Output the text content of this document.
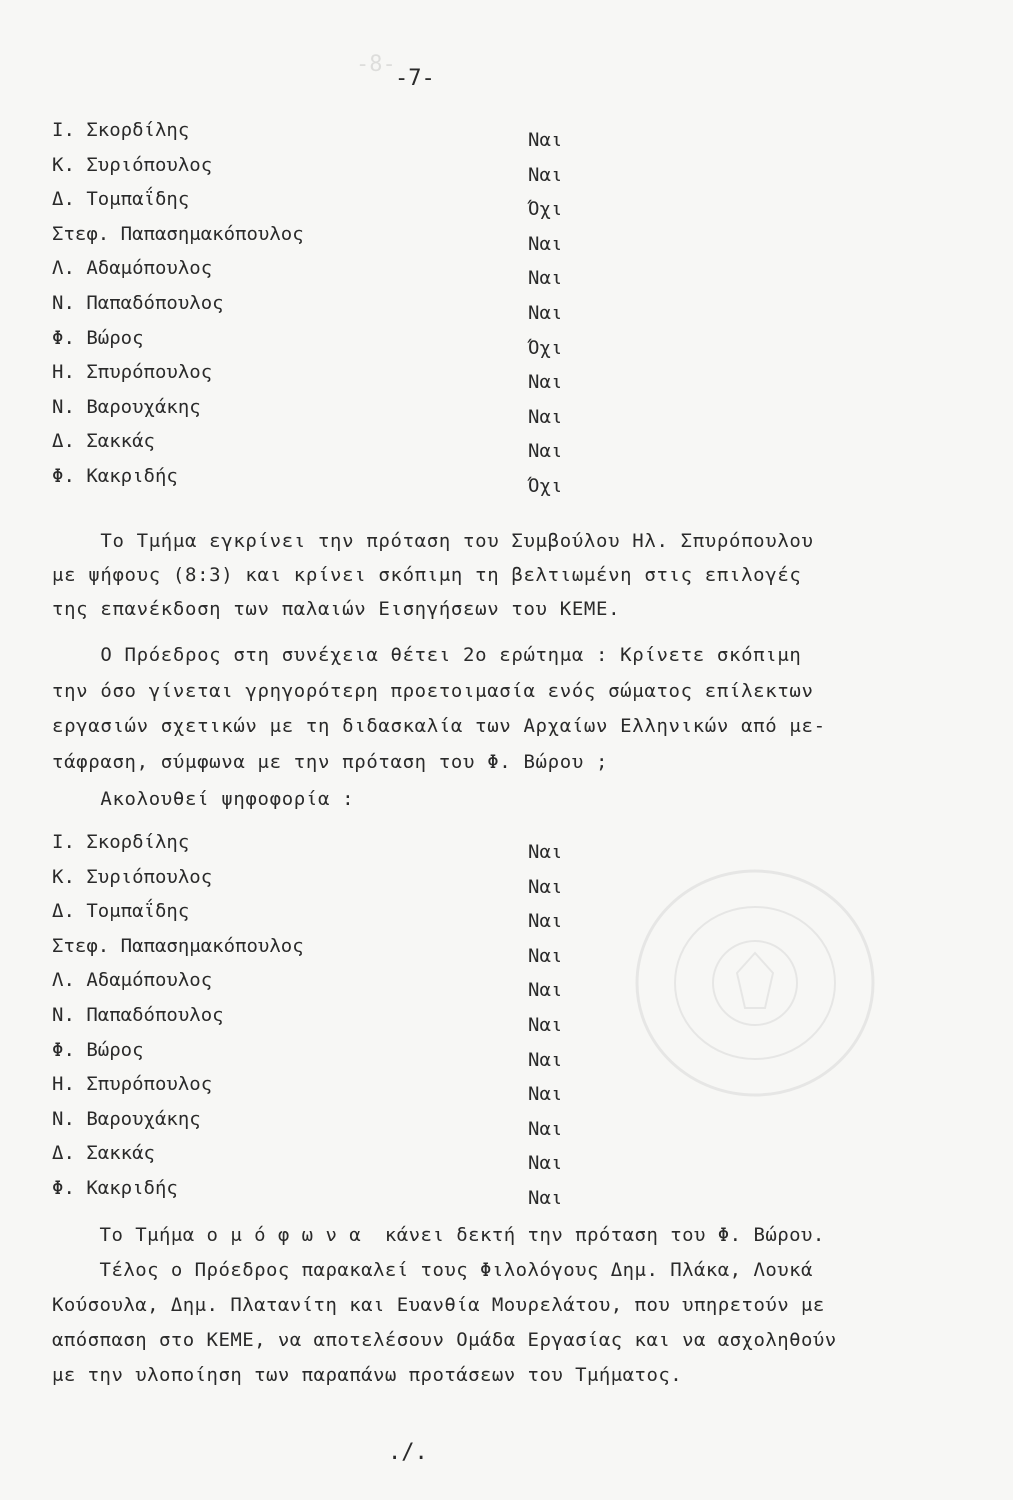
-8-
-7-
Ι. Σκορδίλης	Ναι
Κ. Συριόπουλος	Ναι
Δ. Τομπαΐδης	Όχι
Στεφ. Παπασημακόπουλος	Ναι
Λ. Αδαμόπουλος	Ναι
Ν. Παπαδόπουλος	Ναι
Φ. Βώρος	Όχι
Η. Σπυρόπουλος	Ναι
Ν. Βαρουχάκης	Ναι
Δ. Σακκάς	Ναι
Φ. Κακριδής	Όχι
Το Τμήμα εγκρίνει την πρόταση του Συμβούλου Ηλ. Σπυρόπουλου
με ψήφους (8:3) και κρίνει σκόπιμη τη βελτιωμένη στις επιλογές
της επανέκδοση των παλαιών Εισηγήσεων του ΚΕΜΕ.
Ο Πρόεδρος στη συνέχεια θέτει 2ο ερώτημα : Κρίνετε σκόπιμη
την όσο γίνεται γρηγορότερη προετοιμασία ενός σώματος επίλεκτων
εργασιών σχετικών με τη διδασκαλία των Αρχαίων Ελληνικών από με-
τάφραση, σύμφωνα με την πρόταση του Φ. Βώρου ;
Ακολουθεί ψηφοφορία :
Ι. Σκορδίλης	Ναι
Κ. Συριόπουλος	Ναι
Δ. Τομπαΐδης	Ναι
Στεφ. Παπασημακόπουλος	Ναι
Λ. Αδαμόπουλος	Ναι
Ν. Παπαδόπουλος	Ναι
Φ. Βώρος	Ναι
Η. Σπυρόπουλος	Ναι
Ν. Βαρουχάκης	Ναι
Δ. Σακκάς	Ναι
Φ. Κακριδής	Ναι
Το Τμήμα ο μ ό φ ω ν α  κάνει δεκτή την πρόταση του Φ. Βώρου.
Τέλος ο Πρόεδρος παρακαλεί τους Φιλολόγους Δημ. Πλάκα, Λουκά
Κούσουλα, Δημ. Πλατανίτη και Ευανθία Μουρελάτου, που υπηρετούν με
απόσπαση στο ΚΕΜΕ, να αποτελέσουν Ομάδα Εργασίας και να ασχοληθούν
με την υλοποίηση των παραπάνω προτάσεων του Τμήματος.
./.
